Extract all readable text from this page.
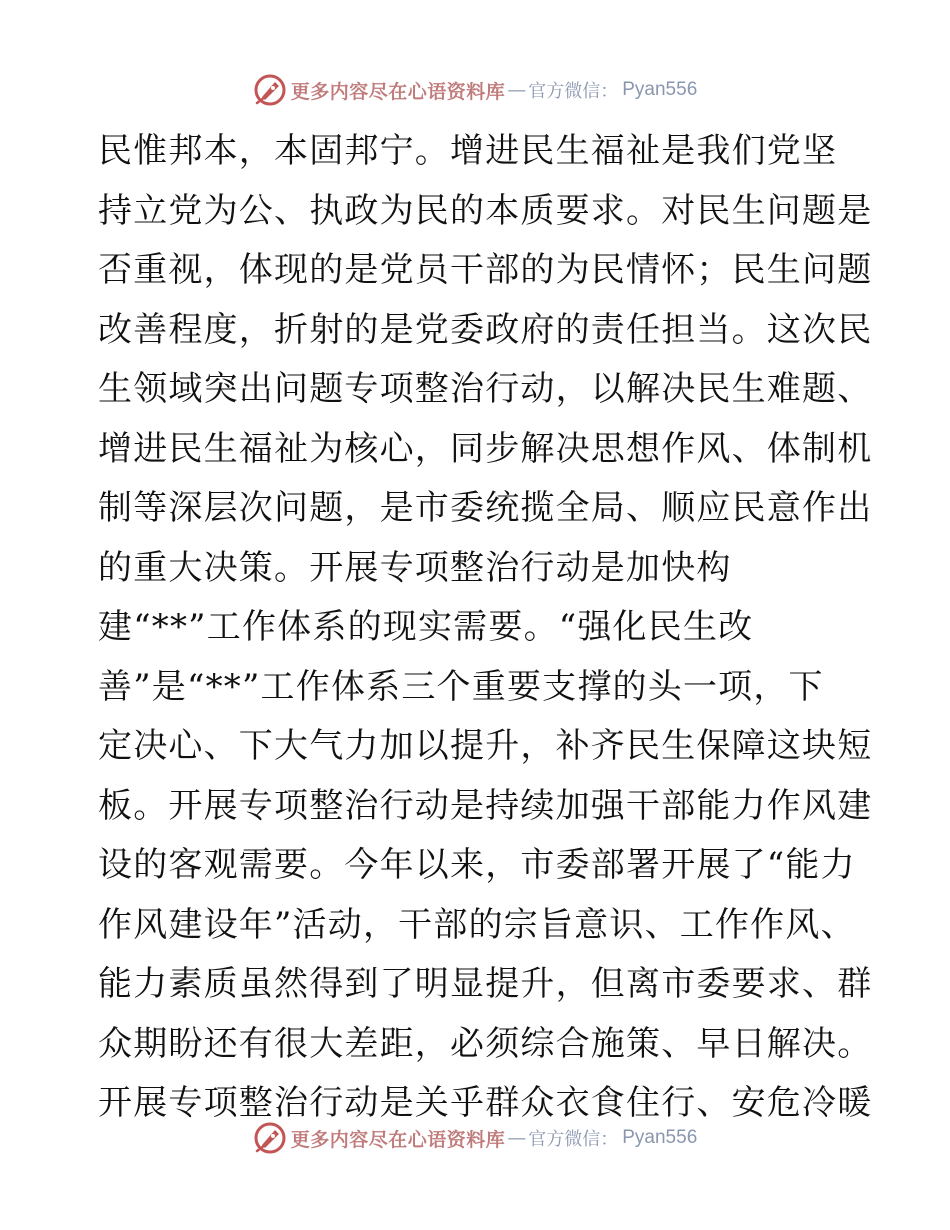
更多内容尽在心语资料库 — 官方微信： Pyan556
民惟邦本，本固邦宁。增进民生福祉是我们党坚
持立党为公、执政为民的本质要求。对民生问题是
否重视，体现的是党员干部的为民情怀；民生问题
改善程度，折射的是党委政府的责任担当。这次民
生领域突出问题专项整治行动，以解决民生难题、
增进民生福祉为核心，同步解决思想作风、体制机
制等深层次问题，是市委统揽全局、顺应民意作出
的重大决策。开展专项整治行动是加快构
建“**”工作体系的现实需要。“强化民生改
善”是“**”工作体系三个重要支撑的头一项，下
定决心、下大气力加以提升，补齐民生保障这块短
板。开展专项整治行动是持续加强干部能力作风建
设的客观需要。今年以来，市委部署开展了“能力
作风建设年”活动，干部的宗旨意识、工作作风、
能力素质虽然得到了明显提升，但离市委要求、群
众期盼还有很大差距，必须综合施策、早日解决。
开展专项整治行动是关乎群众衣食住行、安危冷暖
更多内容尽在心语资料库 — 官方微信： Pyan556
